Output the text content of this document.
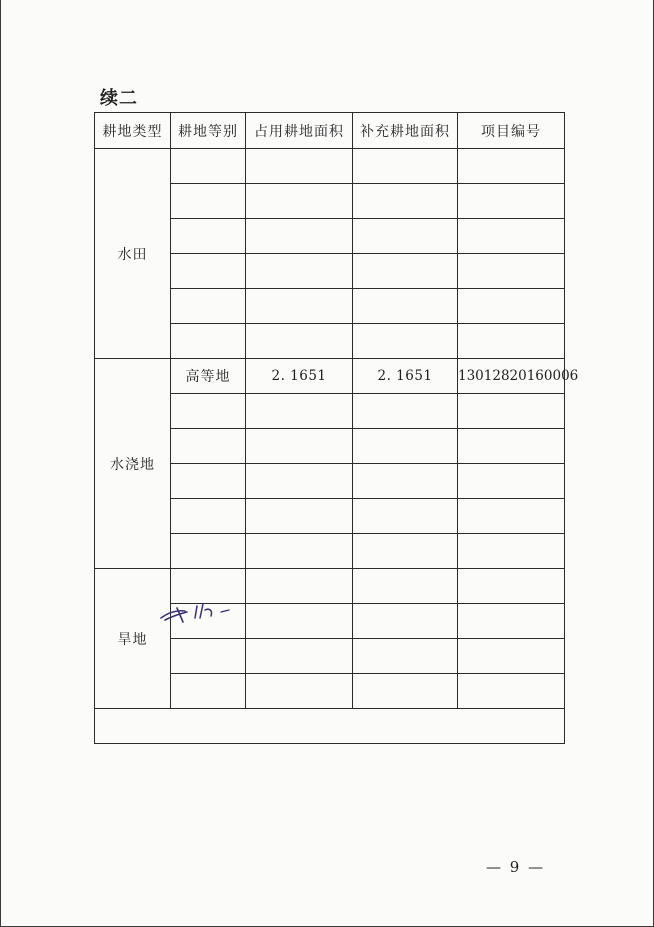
续二
耕地类型	耕地等别	占用耕地面积	补充耕地面积	项目编号
水田				

水浇地	高等地	2. 1651	2. 1651	13012820160006

旱地				

— 9 —
